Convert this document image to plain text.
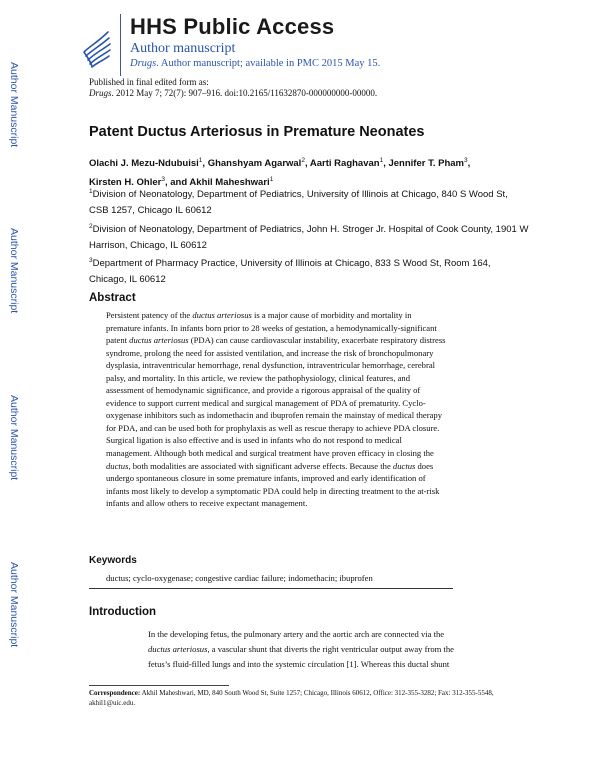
HHS Public Access
Author manuscript
Drugs. Author manuscript; available in PMC 2015 May 15.
Author Manuscript
Author Manuscript
Author Manuscript
Author Manuscript
Published in final edited form as:
Drugs. 2012 May 7; 72(7): 907–916. doi:10.2165/11632870-000000000-00000.
Patent Ductus Arteriosus in Premature Neonates
Olachi J. Mezu-Ndubuisi$^1$, Ghanshyam Agarwal$^2$, Aarti Raghavan$^1$, Jennifer T. Pham$^3$,
Kirsten H. Ohler$^3$, and Akhil Maheshwari$^1$
$^1$Division of Neonatology, Department of Pediatrics, University of Illinois at Chicago, 840 S Wood St, CSB 1257, Chicago IL 60612
$^2$Division of Neonatology, Department of Pediatrics, John H. Stroger Jr. Hospital of Cook County, 1901 W Harrison, Chicago, IL 60612
$^3$Department of Pharmacy Practice, University of Illinois at Chicago, 833 S Wood St, Room 164, Chicago, IL 60612
Abstract
Persistent patency of the ductus arteriosus is a major cause of morbidity and mortality in
premature infants. In infants born prior to 28 weeks of gestation, a hemodynamically-significant
patent ductus arteriosus (PDA) can cause cardiovascular instability, exacerbate respiratory distress
syndrome, prolong the need for assisted ventilation, and increase the risk of bronchopulmonary
dysplasia, intraventricular hemorrhage, renal dysfunction, intraventricular hemorrhage, cerebral
palsy, and mortality. In this article, we review the pathophysiology, clinical features, and
assessment of hemodynamic significance, and provide a rigorous appraisal of the quality of
evidence to support current medical and surgical management of PDA of prematurity. Cyclo-
oxygenase inhibitors such as indomethacin and ibuprofen remain the mainstay of medical therapy
for PDA, and can be used both for prophylaxis as well as rescue therapy to achieve PDA closure.
Surgical ligation is also effective and is used in infants who do not respond to medical
management. Although both medical and surgical treatment have proven efficacy in closing the
ductus, both modalities are associated with significant adverse effects. Because the ductus does
undergo spontaneous closure in some premature infants, improved and early identification of
infants most likely to develop a symptomatic PDA could help in directing treatment to the at-risk
infants and allow others to receive expectant management.
Keywords
ductus; cyclo-oxygenase; congestive cardiac failure; indomethacin; ibuprofen
Introduction
In the developing fetus, the pulmonary artery and the aortic arch are connected via the
ductus arteriosus, a vascular shunt that diverts the right ventricular output away from the
fetus’s fluid-filled lungs and into the systemic circulation [1]. Whereas this ductal shunt
Correspondence: Akhil Maheshwari, MD, 840 South Wood St, Suite 1257; Chicago, Illinois 60612, Office: 312-355-3282; Fax: 312-355-5548, akhil1@uic.edu.
